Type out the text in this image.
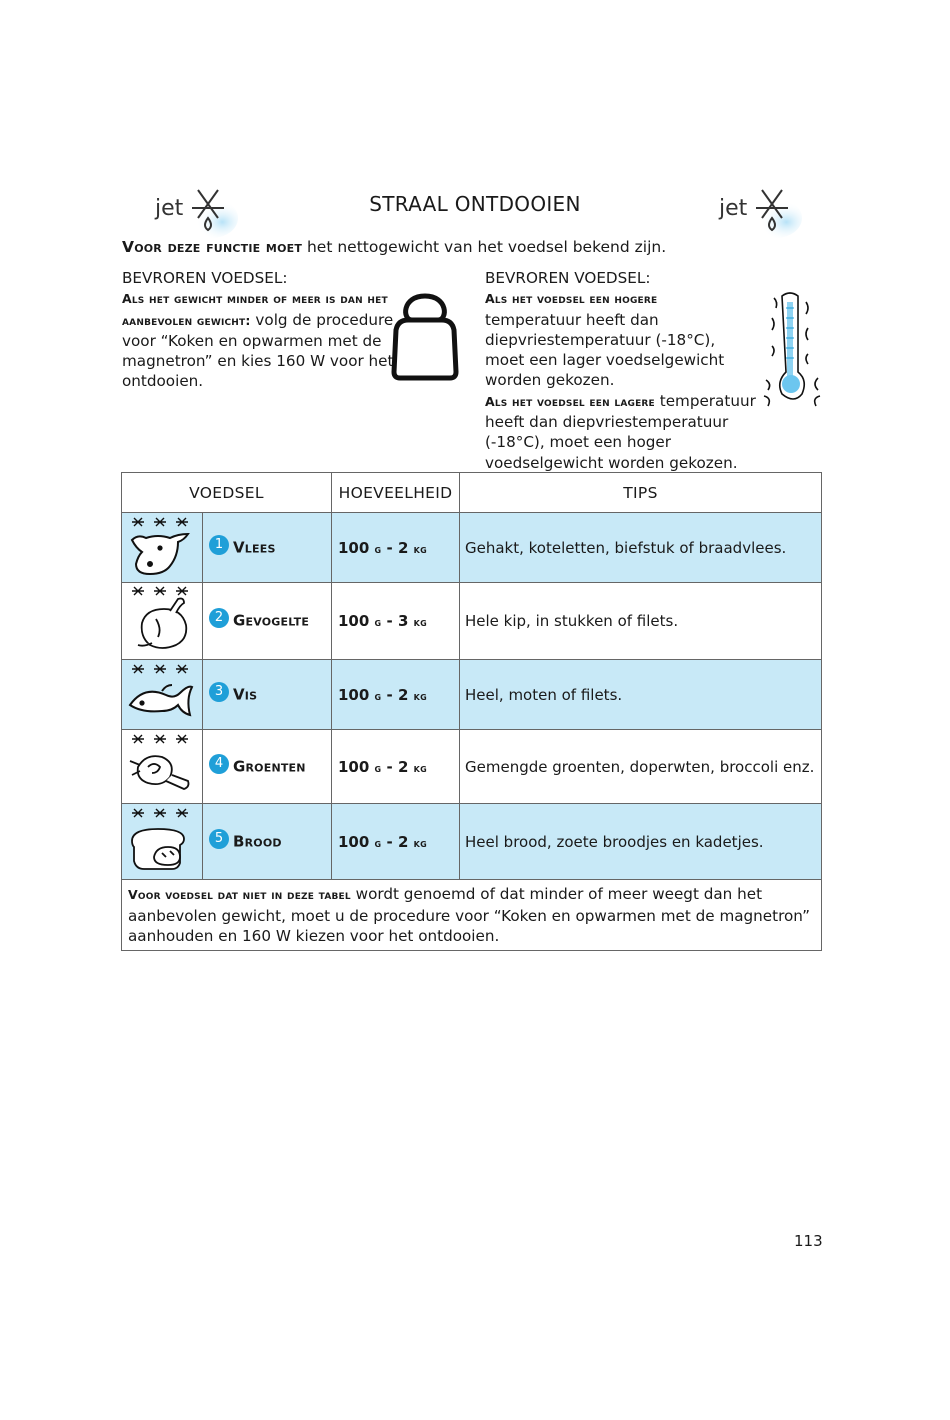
jet	jet
STRAAL ONTDOOIEN
Voor deze functie moet het nettogewicht van het voedsel bekend zijn.
BEVROREN VOEDSEL:
Als het gewicht minder of meer is dan het aanbevolen gewicht: volg de procedure voor “Koken en opwarmen met de magnetron” en kies 160 W voor het ontdooien.
BEVROREN VOEDSEL:
Als het voedsel een hogere temperatuur heeft dan diepvriestemperatuur (-18°C), moet een lager voedselgewicht worden gekozen.
Als het voedsel een lagere temperatuur heeft dan diepvriestemperatuur (-18°C), moet een hoger voedselgewicht worden gekozen.
VOEDSEL		HOEVEELHEID	TIPS
	1 Vlees	100 g - 2 kg	Gehakt, koteletten, biefstuk of braadvlees.
	2 Gevogelte	100 g - 3 kg	Hele kip, in stukken of filets.
	3 Vis	100 g - 2 kg	Heel, moten of filets.
	4 Groenten	100 g - 2 kg	Gemengde groenten, doperwten, broccoli enz.
	5 Brood	100 g - 2 kg	Heel brood, zoete broodjes en kadetjes.
Voor voedsel dat niet in deze tabel wordt genoemd of dat minder of meer weegt dan het aanbevolen gewicht, moet u de procedure voor “Koken en opwarmen met de magnetron” aanhouden en 160 W kiezen voor het ontdooien.			
113
